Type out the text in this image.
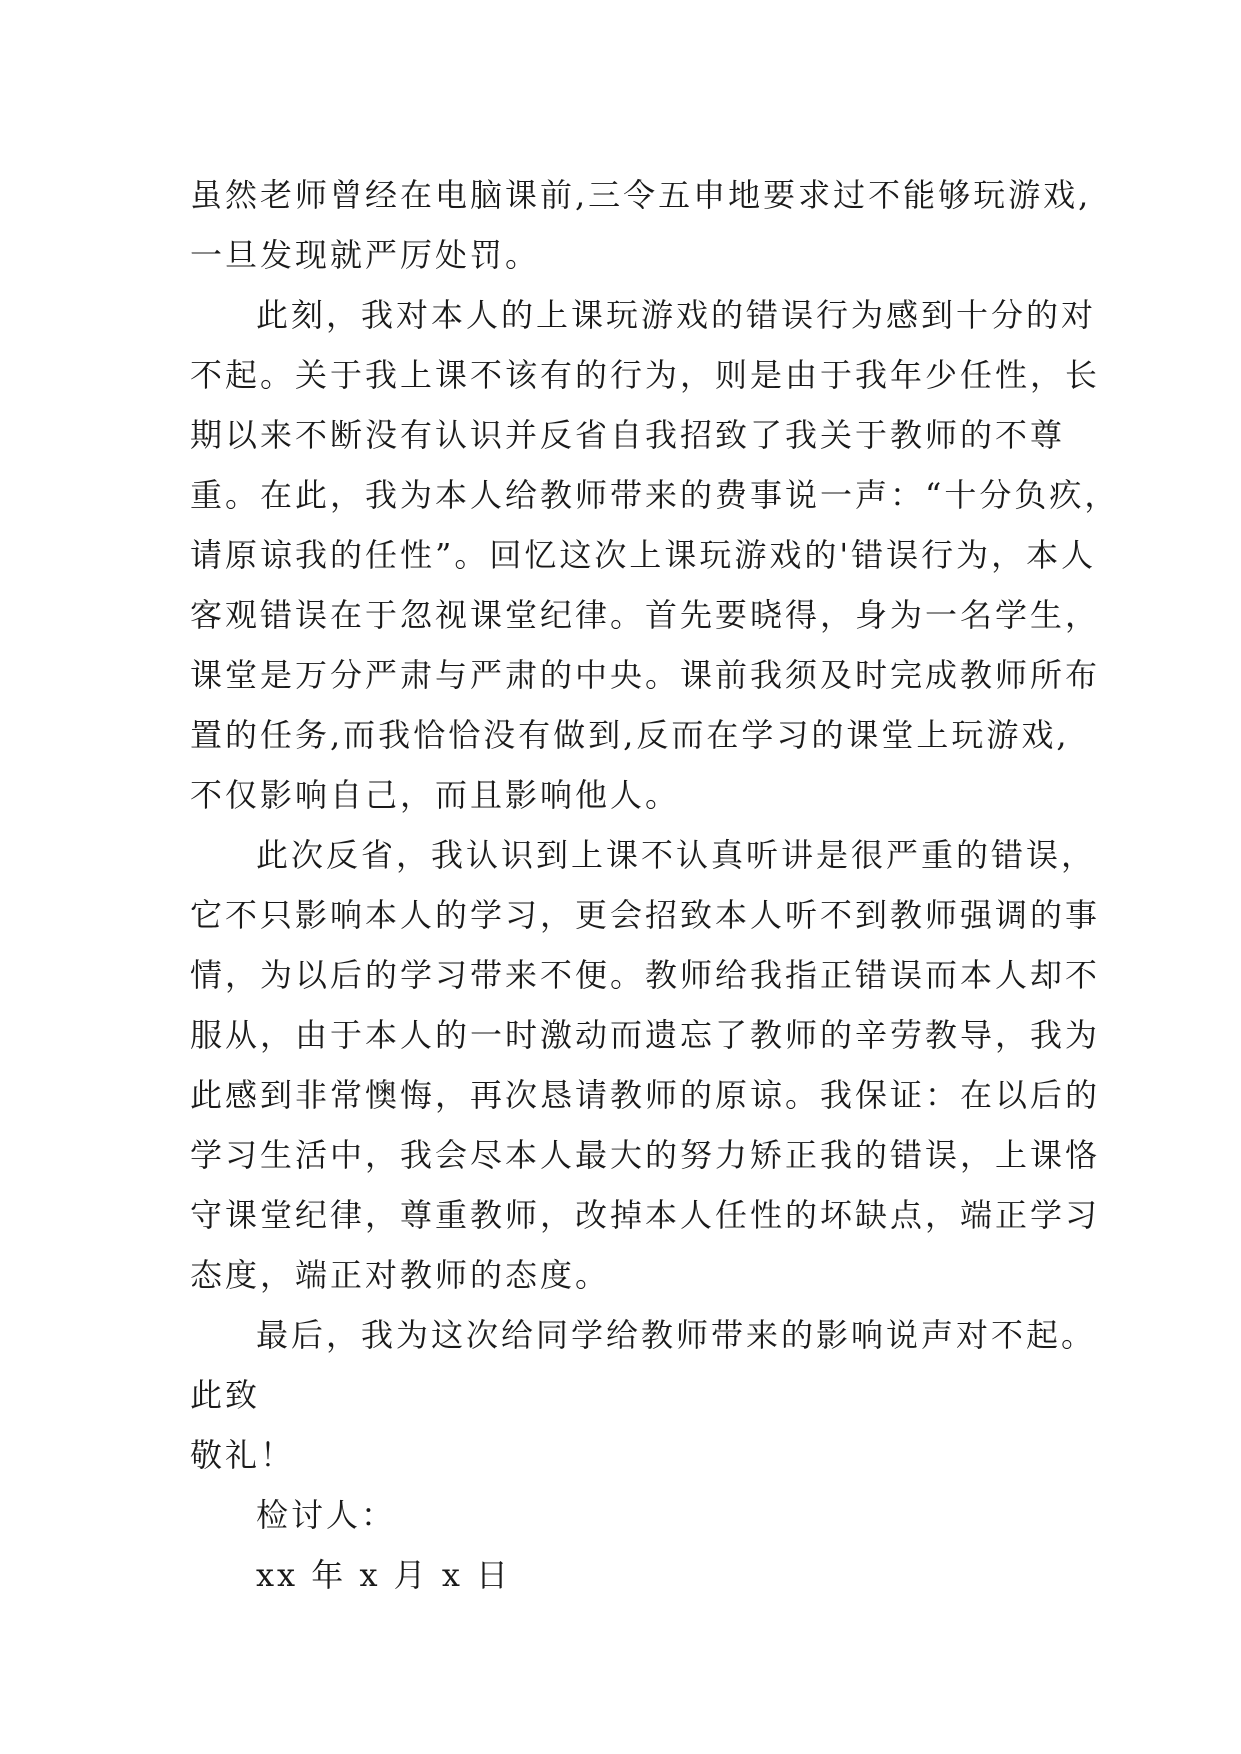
虽然老师曾经在电脑课前,三令五申地要求过不能够玩游戏,
一旦发现就严厉处罚。
此刻，我对本人的上课玩游戏的错误行为感到十分的对
不起。关于我上课不该有的行为，则是由于我年少任性，长
期以来不断没有认识并反省自我招致了我关于教师的不尊
重。在此，我为本人给教师带来的费事说一声：“十分负疚，
请原谅我的任性”。回忆这次上课玩游戏的'错误行为，本人
客观错误在于忽视课堂纪律。首先要晓得，身为一名学生，
课堂是万分严肃与严肃的中央。课前我须及时完成教师所布
置的任务,而我恰恰没有做到,反而在学习的课堂上玩游戏,
不仅影响自己，而且影响他人。
此次反省，我认识到上课不认真听讲是很严重的错误，
它不只影响本人的学习，更会招致本人听不到教师强调的事
情，为以后的学习带来不便。教师给我指正错误而本人却不
服从，由于本人的一时激动而遗忘了教师的辛劳教导，我为
此感到非常懊悔，再次恳请教师的原谅。我保证：在以后的
学习生活中，我会尽本人最大的努力矫正我的错误，上课恪
守课堂纪律，尊重教师，改掉本人任性的坏缺点，端正学习
态度，端正对教师的态度。
最后，我为这次给同学给教师带来的影响说声对不起。
此致
敬礼！
检讨人：
xx 年 x 月 x 日
